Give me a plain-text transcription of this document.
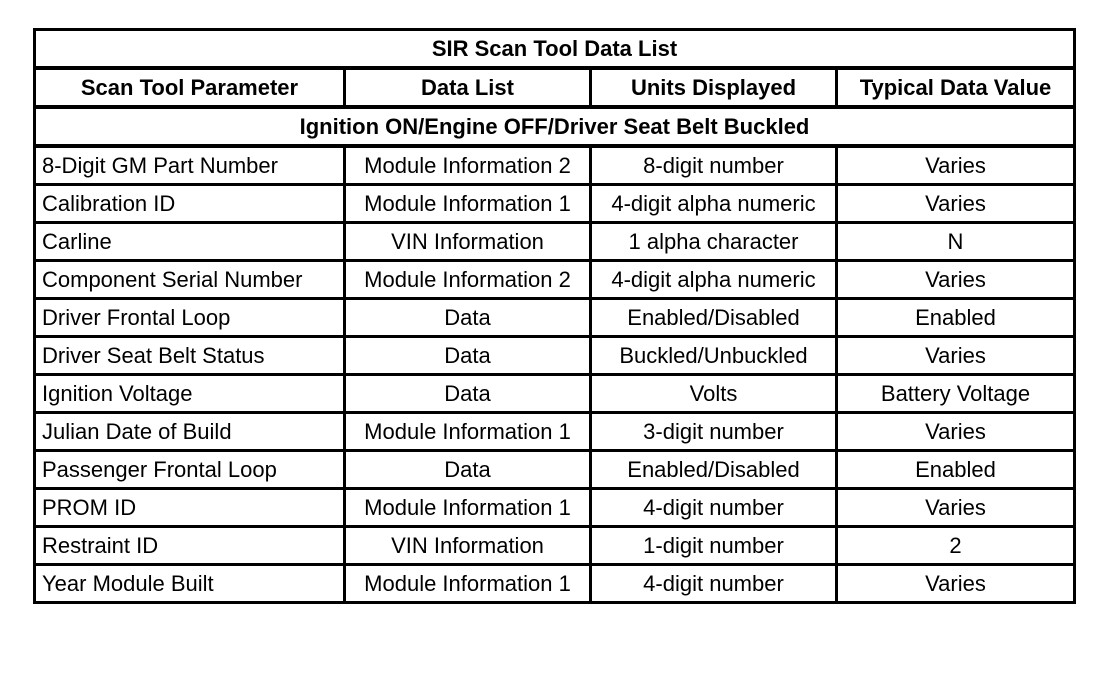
SIR Scan Tool Data List			
Scan Tool Parameter	Data List	Units Displayed	Typical Data Value
Ignition ON/Engine OFF/Driver Seat Belt Buckled			
8-Digit GM Part Number	Module Information 2	8-digit number	Varies
Calibration ID	Module Information 1	4-digit alpha numeric	Varies
Carline	VIN Information	1 alpha character	N
Component Serial Number	Module Information 2	4-digit alpha numeric	Varies
Driver Frontal Loop	Data	Enabled/Disabled	Enabled
Driver Seat Belt Status	Data	Buckled/Unbuckled	Varies
Ignition Voltage	Data	Volts	Battery Voltage
Julian Date of Build	Module Information 1	3-digit number	Varies
Passenger Frontal Loop	Data	Enabled/Disabled	Enabled
PROM ID	Module Information 1	4-digit number	Varies
Restraint ID	VIN Information	1-digit number	2
Year Module Built	Module Information 1	4-digit number	Varies
